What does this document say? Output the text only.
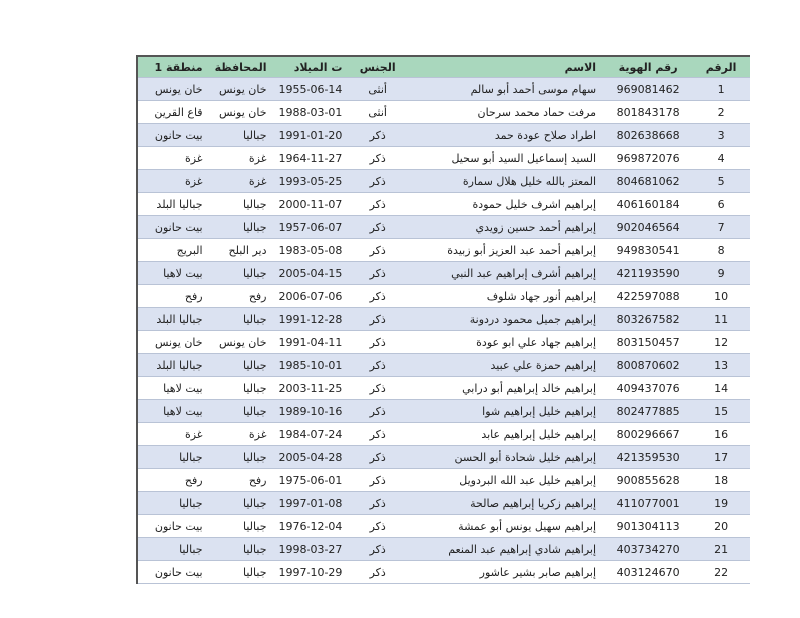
الرقم	رقم الهوية	الاسم	الجنس	ت الميلاد	المحافظة	منطقة 1
1	969081462	سهام موسى أحمد أبو سالم	أنثى	1955-06-14	خان يونس	خان يونس
2	801843178	مرفت حماد محمد سرحان	أنثى	1988-03-01	خان يونس	قاع القرين
3	802638668	اطراد صلاح عودة حمد	ذكر	1991-01-20	جباليا	بيت حانون
4	969872076	السيد إسماعيل السيد أبو سحيل	ذكر	1964-11-27	غزة	غزة
5	804681062	المعتز بالله خليل هلال سمارة	ذكر	1993-05-25	غزة	غزة
6	406160184	إبراهيم اشرف خليل حمودة	ذكر	2000-11-07	جباليا	جباليا البلد
7	902046564	إبراهيم أحمد حسين زويدي	ذكر	1957-06-07	جباليا	بيت حانون
8	949830541	إبراهيم أحمد عبد العزيز أبو زبيدة	ذكر	1983-05-08	دير البلح	البريج
9	421193590	إبراهيم أشرف إبراهيم عبد النبي	ذكر	2005-04-15	جباليا	بيت لاهيا
10	422597088	إبراهيم أنور جهاد شلوف	ذكر	2006-07-06	رفح	رفح
11	803267582	إبراهيم جميل محمود دردونة	ذكر	1991-12-28	جباليا	جباليا البلد
12	803150457	إبراهيم جهاد علي ابو عودة	ذكر	1991-04-11	خان يونس	خان يونس
13	800870602	إبراهيم حمزة علي عبيد	ذكر	1985-10-01	جباليا	جباليا البلد
14	409437076	إبراهيم خالد إبراهيم أبو درابي	ذكر	2003-11-25	جباليا	بيت لاهيا
15	802477885	إبراهيم خليل إبراهيم شوا	ذكر	1989-10-16	جباليا	بيت لاهيا
16	800296667	إبراهيم خليل إبراهيم عابد	ذكر	1984-07-24	غزة	غزة
17	421359530	إبراهيم خليل شحادة أبو الحسن	ذكر	2005-04-28	جباليا	جباليا
18	900855628	إبراهيم خليل عبد الله البردويل	ذكر	1975-06-01	رفح	رفح
19	411077001	إبراهيم زكريا إبراهيم صالحة	ذكر	1997-01-08	جباليا	جباليا
20	901304113	إبراهيم سهيل يونس أبو عمشة	ذكر	1976-12-04	جباليا	بيت حانون
21	403734270	إبراهيم شادي إبراهيم عبد المنعم	ذكر	1998-03-27	جباليا	جباليا
22	403124670	إبراهيم صابر بشير عاشور	ذكر	1997-10-29	جباليا	بيت حانون
